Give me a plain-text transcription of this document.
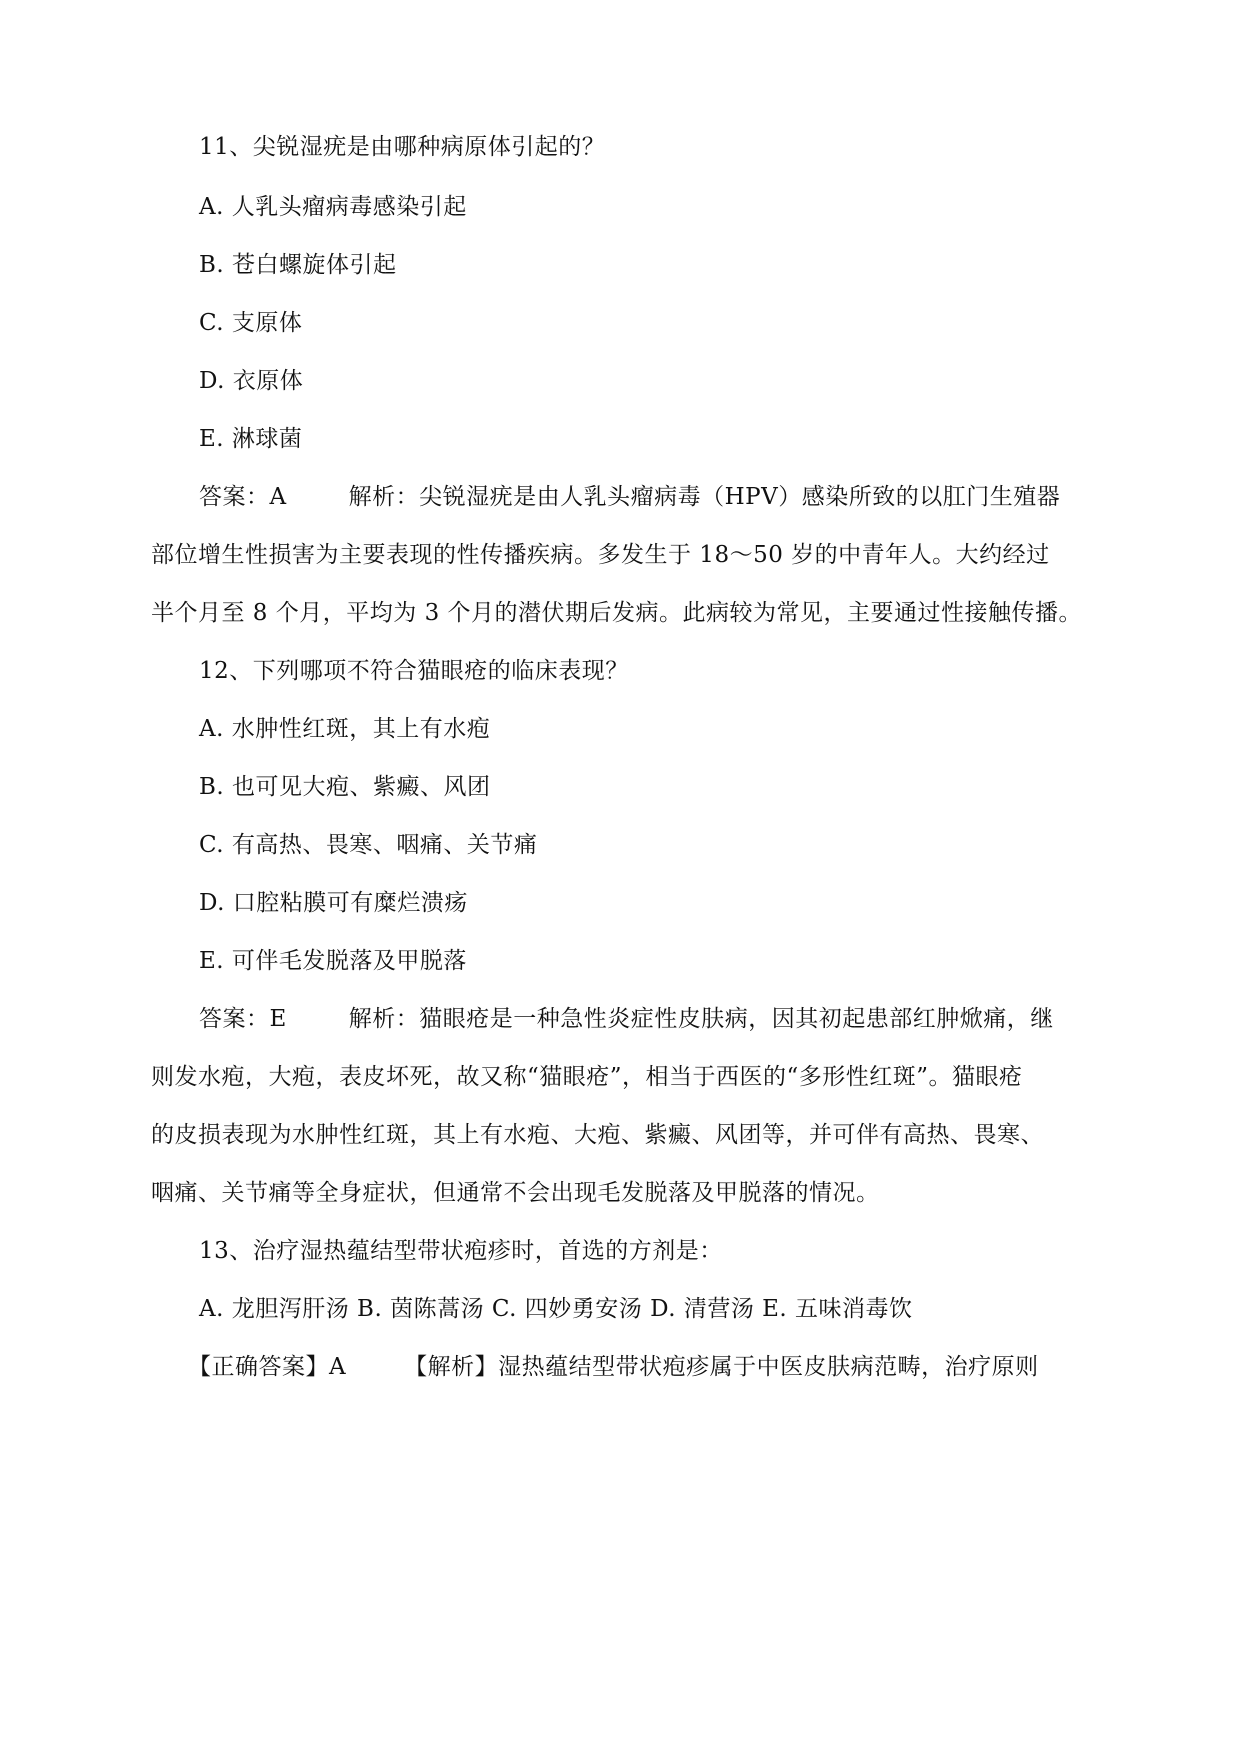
11、尖锐湿疣是由哪种病原体引起的？
A. 人乳头瘤病毒感染引起
B. 苍白螺旋体引起
C. 支原体
D. 衣原体
E. 淋球菌
答案：A	解析：尖锐湿疣是由人乳头瘤病毒（HPV）感染所致的以肛门生殖器
部位增生性损害为主要表现的性传播疾病。多发生于 18～50 岁的中青年人。大约经过
半个月至 8 个月，平均为 3 个月的潜伏期后发病。此病较为常见，主要通过性接触传播。
12、下列哪项不符合猫眼疮的临床表现？
A. 水肿性红斑，其上有水疱
B. 也可见大疱、紫癜、风团
C. 有高热、畏寒、咽痛、关节痛
D. 口腔粘膜可有糜烂溃疡
E. 可伴毛发脱落及甲脱落
答案：E	解析：猫眼疮是一种急性炎症性皮肤病，因其初起患部红肿焮痛，继
则发水疱，大疱，表皮坏死，故又称“猫眼疮”，相当于西医的“多形性红斑”。猫眼疮
的皮损表现为水肿性红斑，其上有水疱、大疱、紫癜、风团等，并可伴有高热、畏寒、
咽痛、关节痛等全身症状，但通常不会出现毛发脱落及甲脱落的情况。
13、治疗湿热蕴结型带状疱疹时，首选的方剂是：
A. 龙胆泻肝汤 B. 茵陈蒿汤 C. 四妙勇安汤 D. 清营汤 E. 五味消毒饮
【正确答案】A	【解析】湿热蕴结型带状疱疹属于中医皮肤病范畴，治疗原则
